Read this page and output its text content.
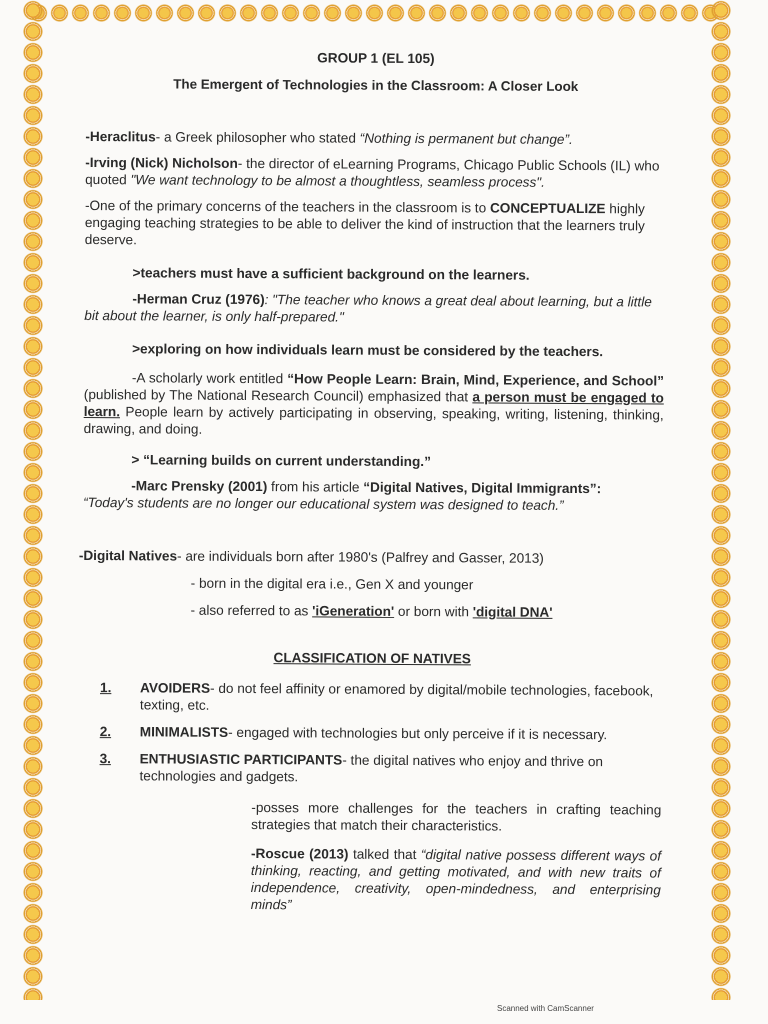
GROUP 1 (EL 105)
The Emergent of Technologies in the Classroom: A Closer Look

-Heraclitus- a Greek philosopher who stated “Nothing is permanent but change”.

-Irving (Nick) Nicholson- the director of eLearning Programs, Chicago Public Schools (IL) who quoted "We want technology to be almost a thoughtless, seamless process".

-One of the primary concerns of the teachers in the classroom is to CONCEPTUALIZE highly engaging teaching strategies to be able to deliver the kind of instruction that the learners truly deserve.

>teachers must have a sufficient background on the learners.

-Herman Cruz (1976): "The teacher who knows a great deal about learning, but a little bit about the learner, is only half-prepared."

>exploring on how individuals learn must be considered by the teachers.

-A scholarly work entitled “How People Learn: Brain, Mind, Experience, and School” (published by The National Research Council) emphasized that a person must be engaged to learn. People learn by actively participating in observing, speaking, writing, listening, thinking, drawing, and doing.

> “Learning builds on current understanding.”

-Marc Prensky (2001) from his article “Digital Natives, Digital Immigrants”:
“Today's students are no longer our educational system was designed to teach.”

-Digital Natives- are individuals born after 1980's (Palfrey and Gasser, 2013)

- born in the digital era i.e., Gen X and younger

- also referred to as 'iGeneration' or born with 'digital DNA'

CLASSIFICATION OF NATIVES
1.	AVOIDERS- do not feel affinity or enamored by digital/mobile technologies, facebook, texting, etc.
2.	MINIMALISTS- engaged with technologies but only perceive if it is necessary.
3.	ENTHUSIASTIC PARTICIPANTS- the digital natives who enjoy and thrive on technologies and gadgets.

-posses more challenges for the teachers in crafting teaching strategies that match their characteristics.

-Roscue (2013) talked that “digital native possess different ways of thinking, reacting, and getting motivated, and with new traits of independence, creativity, open-mindedness, and enterprising minds”

Scanned with CamScanner
